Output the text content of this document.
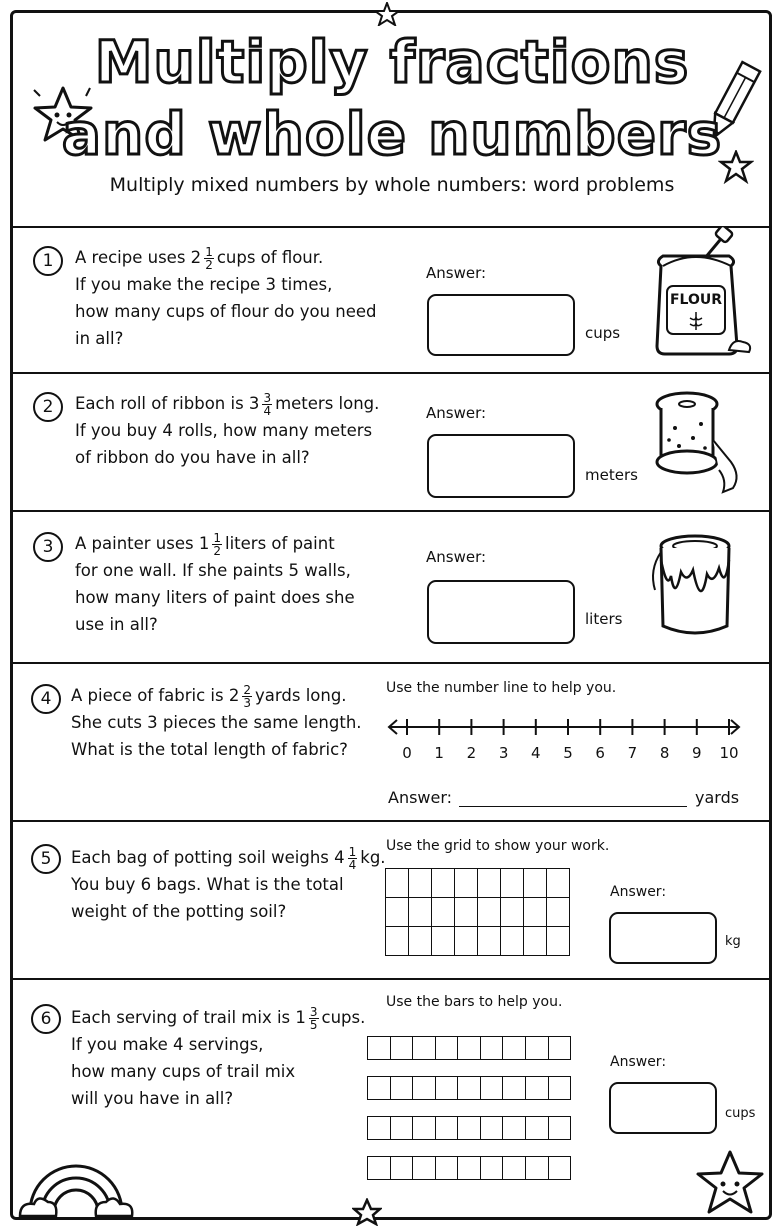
Multiply fractions
and whole numbers
Multiply mixed numbers by whole numbers: word problems
1	A recipe uses $2 \frac{1}{2}$ cups of flour.
If you make the recipe 3 times,
how many cups of flour do you need
in all?
Answer:
cups
FLOUR
2	Each roll of ribbon is $3 \frac{3}{4}$ meters long.
If you buy 4 rolls, how many meters
of ribbon do you have in all?
Answer:
meters
3	A painter uses $1 \frac{1}{2}$ liters of paint
for one wall. If she paints 5 walls,
how many liters of paint does she
use in all?
Answer:
liters
4	A piece of fabric is $2 \frac{2}{3}$ yards long.
She cuts 3 pieces the same length.
What is the total length of fabric?
Use the number line to help you.
0	1	2	3	4	5	6	7	8	9	10
Answer:	yards
5	Each bag of potting soil weighs $4 \frac{1}{4}$ kg.
You buy 6 bags. What is the total
weight of the potting soil?
Use the grid to show your work.

Answer:
kg
6	Each serving of trail mix is $1 \frac{3}{5}$ cups.
If you make 4 servings,
how many cups of trail mix
will you have in all?
Use the bars to help you.
Answer:
cups
